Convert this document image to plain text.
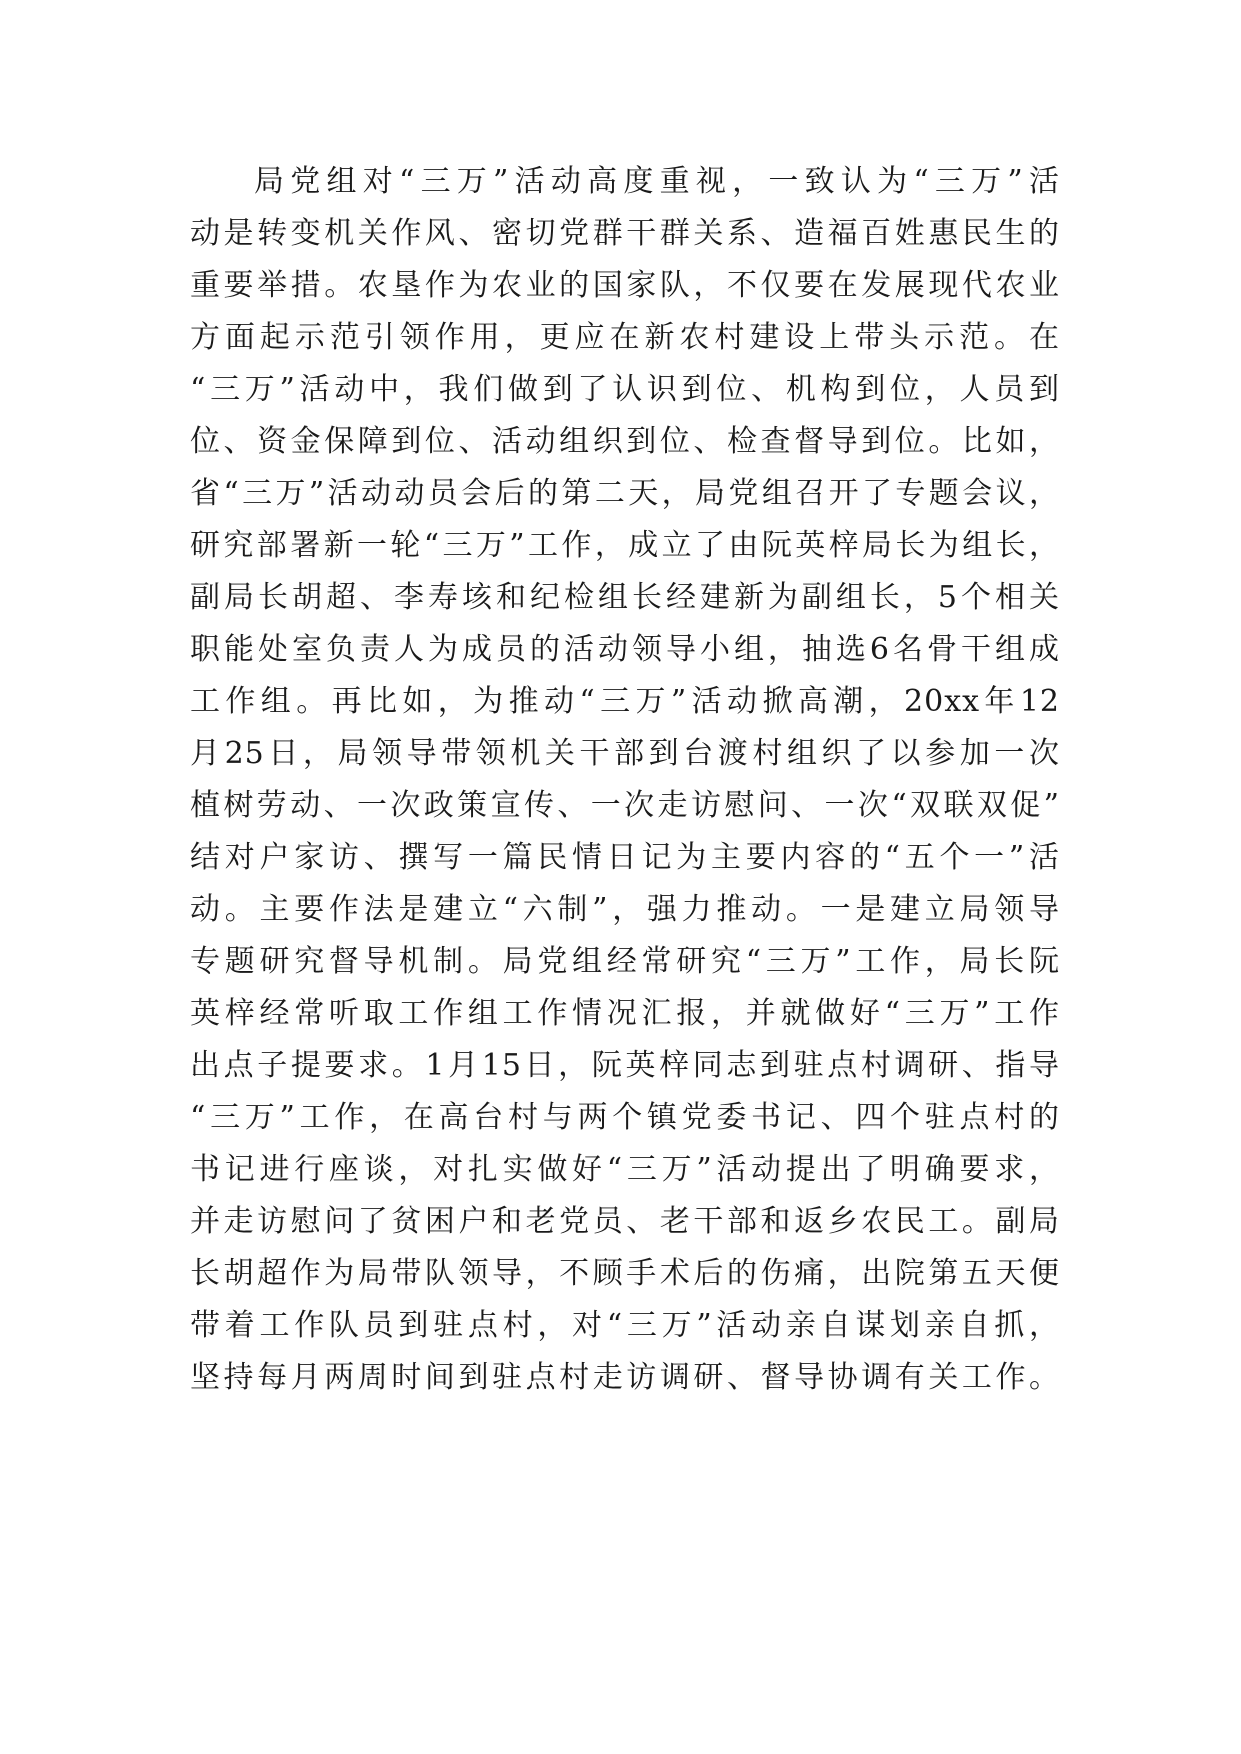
局党组对“三万”活动高度重视，一致认为“三万”活
动是转变机关作风、密切党群干群关系、造福百姓惠民生的
重要举措。农垦作为农业的国家队，不仅要在发展现代农业
方面起示范引领作用，更应在新农村建设上带头示范。在
“三万”活动中，我们做到了认识到位、机构到位，人员到
位、资金保障到位、活动组织到位、检查督导到位。比如，
省“三万”活动动员会后的第二天，局党组召开了专题会议，
研究部署新一轮“三万”工作，成立了由阮英梓局长为组长，
副局长胡超、李寿垓和纪检组长经建新为副组长，5个相关
职能处室负责人为成员的活动领导小组，抽选6名骨干组成
工作组。再比如，为推动“三万”活动掀高潮，20xx年12
月25日，局领导带领机关干部到台渡村组织了以参加一次
植树劳动、一次政策宣传、一次走访慰问、一次“双联双促”
结对户家访、撰写一篇民情日记为主要内容的“五个一”活
动。主要作法是建立“六制”，强力推动。一是建立局领导
专题研究督导机制。局党组经常研究“三万”工作，局长阮
英梓经常听取工作组工作情况汇报，并就做好“三万”工作
出点子提要求。1月15日，阮英梓同志到驻点村调研、指导
“三万”工作，在高台村与两个镇党委书记、四个驻点村的
书记进行座谈，对扎实做好“三万”活动提出了明确要求，
并走访慰问了贫困户和老党员、老干部和返乡农民工。副局
长胡超作为局带队领导，不顾手术后的伤痛，出院第五天便
带着工作队员到驻点村，对“三万”活动亲自谋划亲自抓，
坚持每月两周时间到驻点村走访调研、督导协调有关工作。
